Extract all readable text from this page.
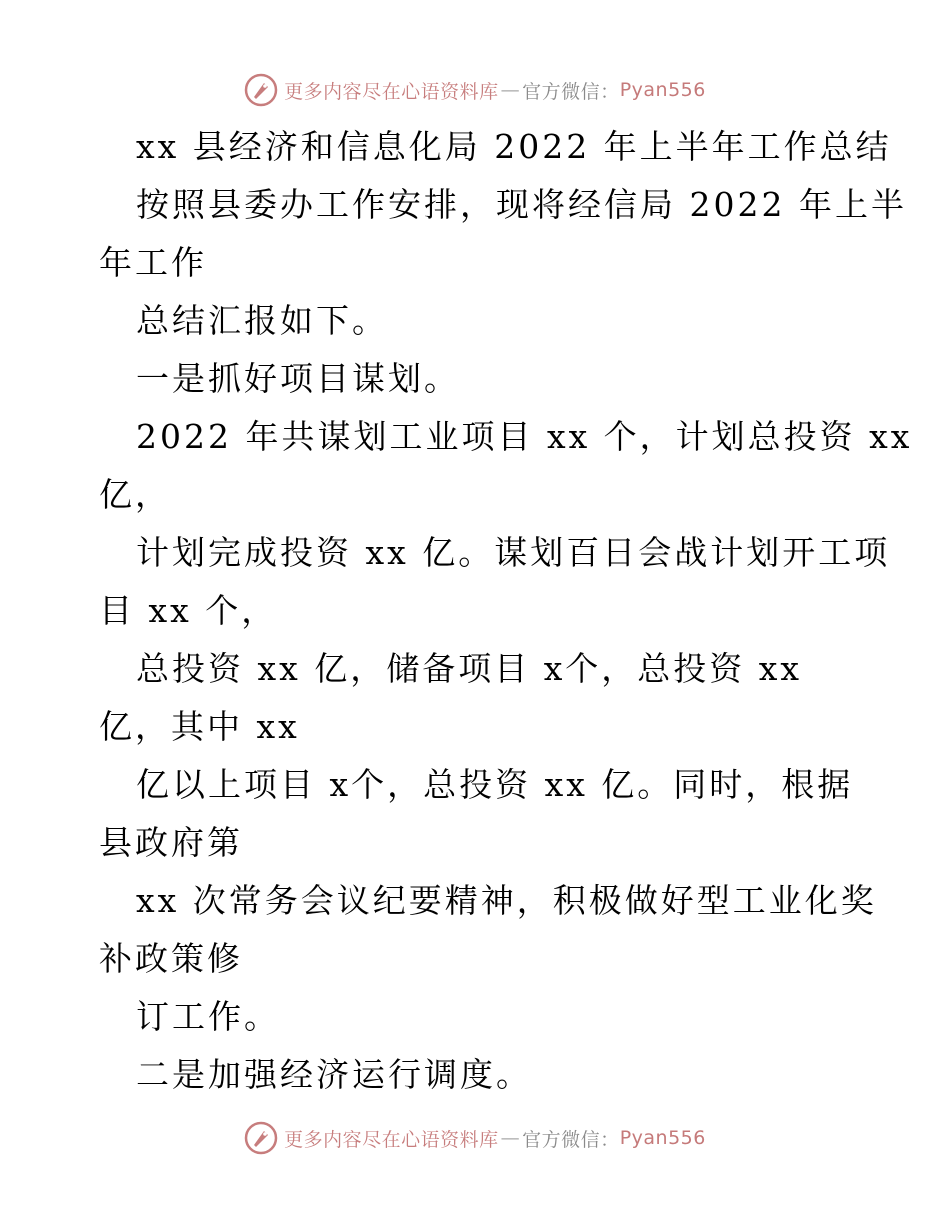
更多内容尽在心语资料库 — 官方微信： Pyan556
xx 县经济和信息化局 2022 年上半年工作总结
按照县委办工作安排，现将经信局 2022 年上半
年工作
总结汇报如下。
一是抓好项目谋划。
2022 年共谋划工业项目 xx 个，计划总投资 xx
亿，
计划完成投资 xx 亿。谋划百日会战计划开工项
目 xx 个，
总投资 xx 亿，储备项目 x个，总投资 xx
亿，其中 xx
亿以上项目 x个，总投资 xx 亿。同时，根据
县政府第
xx 次常务会议纪要精神，积极做好型工业化奖
补政策修
订工作。
二是加强经济运行调度。
更多内容尽在心语资料库 — 官方微信： Pyan556
